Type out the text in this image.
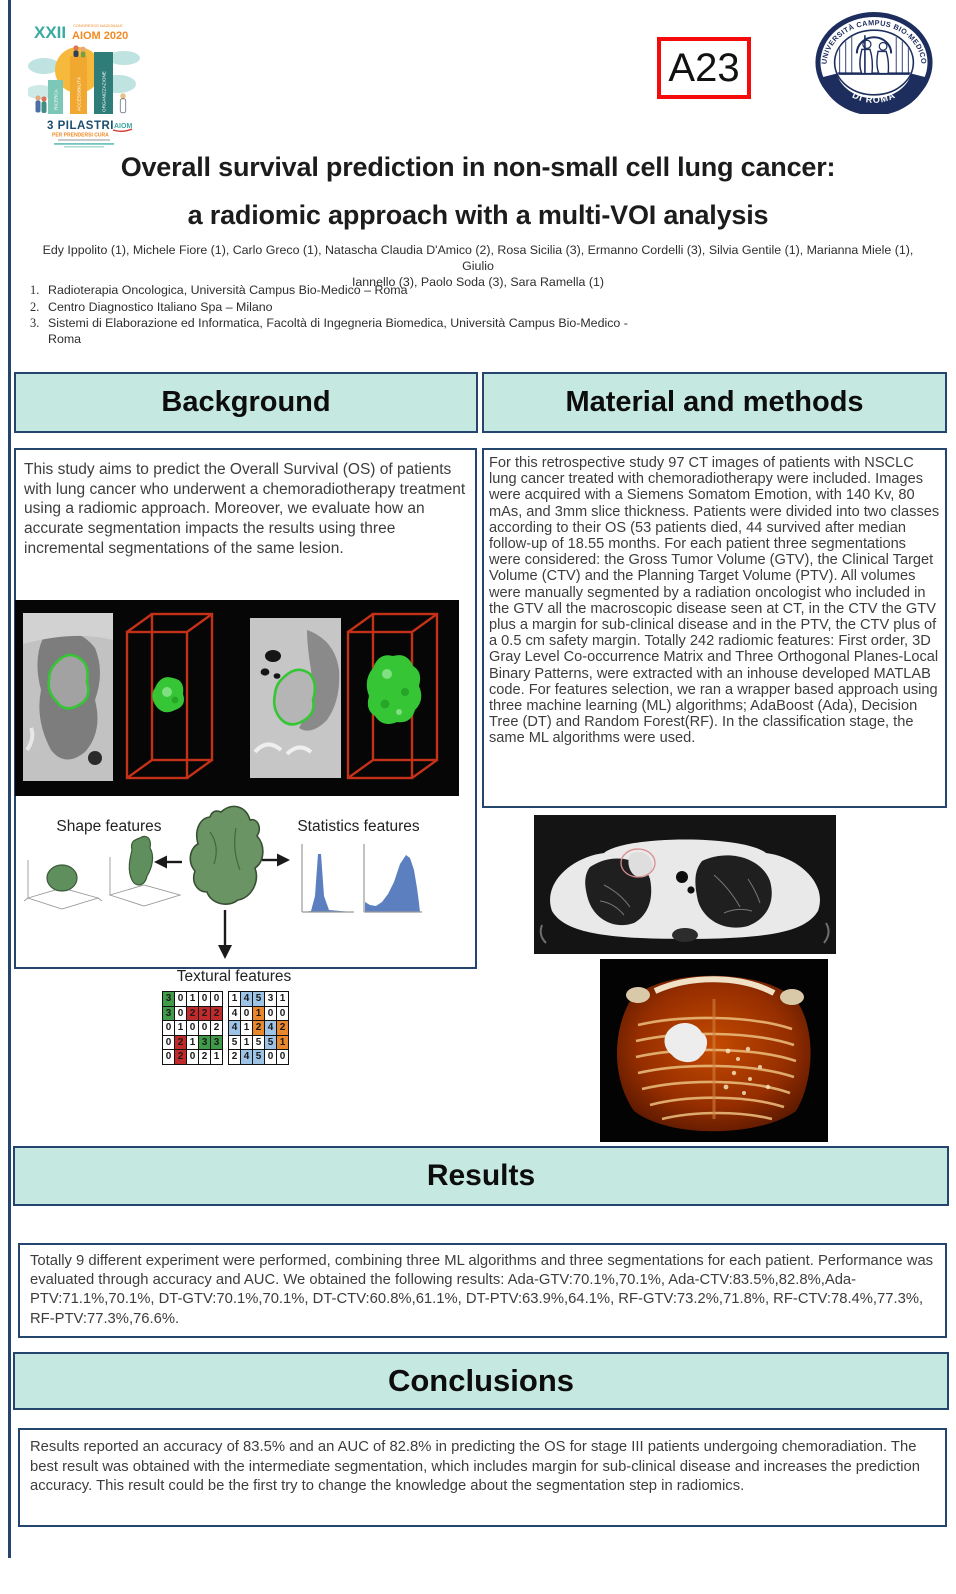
XXII CONGRESSO NAZIONALE
AIOM 2020
RICERCA	ACCESSIBILITÀ	ORGANIZZAZIONE
3 PILASTRI AIOM
PER PRENDERSI CURA
A23	UNIVERSITÀ CAMPUS BIO-MEDICO
DI ROMA
Overall survival prediction in non-small cell lung cancer:
a radiomic approach with a multi-VOI analysis
Edy Ippolito (1), Michele Fiore (1), Carlo Greco (1), Natascha Claudia D'Amico (2), Rosa Sicilia (3), Ermanno Cordelli (3), Silvia Gentile (1), Marianna Miele (1), Giulio
Iannello (3), Paolo Soda (3), Sara Ramella (1)
1. Radioterapia Oncologica, Università Campus Bio-Medico – Roma
2. Centro Diagnostico Italiano Spa – Milano
3. Sistemi di Elaborazione ed Informatica, Facoltà di Ingegneria Biomedica, Università Campus Bio-Medico - Roma
Background	Material and methods

This study aims to predict the Overall Survival (OS) of patients with lung cancer who underwent a chemoradiotherapy treatment using a radiomic approach. Moreover, we evaluate how an accurate segmentation impacts the results using three incremental segmentations of the same lesion.

Shape features	Statistics features
Textural features
3 0 1 0 0
3 0 2 2 2
0 1 0 0 2
0 2 1 3 3
0 2 0 2 1
1 4 5 3 1
4 0 1 0 0
4 1 2 4 2
5 1 5 5 1
2 4 5 0 0

For this retrospective study 97 CT images of patients with NSCLC lung cancer treated with chemoradiotherapy were included. Images were acquired with a Siemens Somatom Emotion, with 140 Kv, 80 mAs, and 3mm slice thickness. Patients were divided into two classes according to their OS (53 patients died, 44 survived after median follow-up of 18.55 months. For each patient three segmentations were considered: the Gross Tumor Volume (GTV), the Clinical Target Volume (CTV) and the Planning Target Volume (PTV). All volumes were manually segmented by a radiation oncologist who included in the GTV all the macroscopic disease seen at CT, in the CTV the GTV plus a margin for sub-clinical disease and in the PTV, the CTV plus of a 0.5 cm safety margin. Totally 242 radiomic features: First order, 3D Gray Level Co-occurrence Matrix and Three Orthogonal Planes-Local Binary Patterns, were extracted with an inhouse developed MATLAB code. For features selection, we ran a wrapper based approach using three machine learning (ML) algorithms; AdaBoost (Ada), Decision Tree (DT) and Random Forest(RF). In the classification stage, the same ML algorithms were used.

Results

Totally 9 different experiment were performed, combining three ML algorithms and three segmentations for each patient. Performance was evaluated through accuracy and AUC. We obtained the following results: Ada-GTV:70.1%,70.1%, Ada-CTV:83.5%,82.8%,Ada-PTV:71.1%,70.1%, DT-GTV:70.1%,70.1%, DT-CTV:60.8%,61.1%, DT-PTV:63.9%,64.1%, RF-GTV:73.2%,71.8%, RF-CTV:78.4%,77.3%, RF-PTV:77.3%,76.6%.

Conclusions

Results reported an accuracy of 83.5% and an AUC of 82.8% in predicting the OS for stage III patients undergoing chemoradiation. The best result was obtained with the intermediate segmentation, which includes margin for sub-clinical disease and increases the prediction accuracy. This result could be the first try to change the knowledge about the segmentation step in radiomics.
